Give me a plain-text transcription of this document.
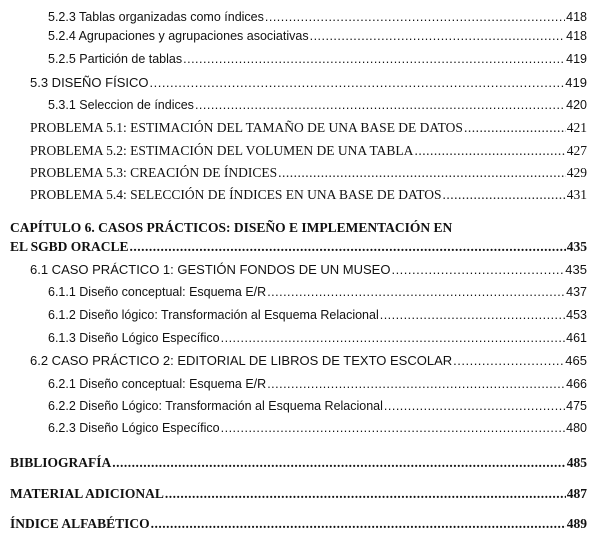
5.2.3 Tablas organizadas como índices .....	418
5.2.4 Agrupaciones y agrupaciones asociativas .....	418
5.2.5 Partición de tablas .....	419
5.3 DISEÑO FÍSICO .....	419
5.3.1 Seleccion de índices .....	420
PROBLEMA 5.1: ESTIMACIÓN DEL TAMAÑO DE UNA BASE DE DATOS .....	421
PROBLEMA 5.2: ESTIMACIÓN DEL VOLUMEN DE UNA TABLA .....	427
PROBLEMA 5.3: CREACIÓN DE ÍNDICES .....	429
PROBLEMA 5.4: SELECCIÓN DE ÍNDICES EN UNA BASE DE DATOS .....	431
CAPÍTULO 6. CASOS PRÁCTICOS: DISEÑO E IMPLEMENTACIÓN EN
EL SGBD ORACLE .....	435
6.1 CASO PRÁCTICO 1: GESTIÓN FONDOS DE UN MUSEO .....	435
6.1.1 Diseño conceptual: Esquema E/R .....	437
6.1.2 Diseño lógico: Transformación al Esquema Relacional .....	453
6.1.3 Diseño Lógico Específico .....	461
6.2 CASO PRÁCTICO 2: EDITORIAL DE LIBROS DE TEXTO ESCOLAR .....	465
6.2.1 Diseño conceptual: Esquema E/R .....	466
6.2.2 Diseño Lógico: Transformación al Esquema Relacional .....	475
6.2.3 Diseño Lógico Específico .....	480
BIBLIOGRAFÍA .....	485
MATERIAL ADICIONAL .....	487
ÍNDICE ALFABÉTICO .....	489
